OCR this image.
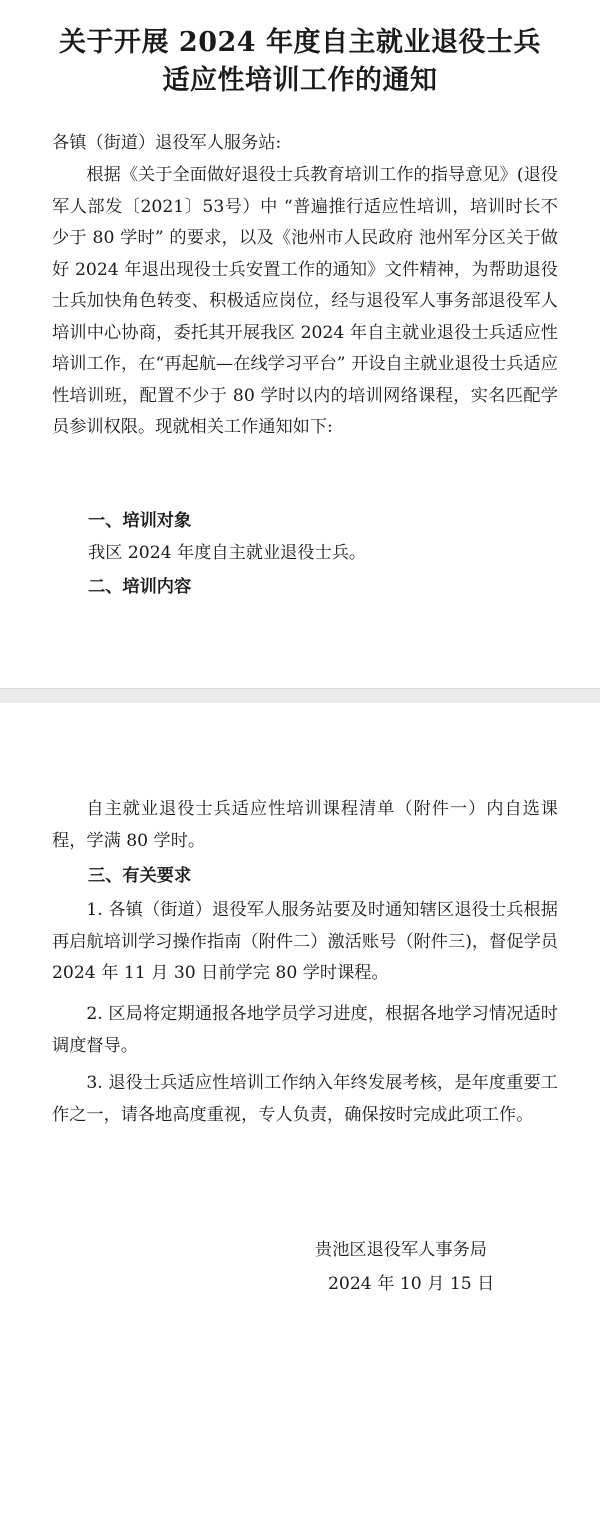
关于开展 2024 年度自主就业退役士兵
适应性培训工作的通知
各镇（街道）退役军人服务站:
根据《关于全面做好退役士兵教育培训工作的指导意见》(退役军人部发〔2021〕53号）中 “普遍推行适应性培训，培训时长不少于 80 学时” 的要求，以及《池州市人民政府 池州军分区关于做好 2024 年退出现役士兵安置工作的通知》文件精神，为帮助退役士兵加快角色转变、积极适应岗位，经与退役军人事务部退役军人培训中心协商，委托其开展我区 2024 年自主就业退役士兵适应性培训工作，在“再起航—在线学习平台” 开设自主就业退役士兵适应性培训班，配置不少于 80 学时以内的培训网络课程，实名匹配学员参训权限。现就相关工作通知如下:
一、培训对象
我区 2024 年度自主就业退役士兵。
二、培训内容
自主就业退役士兵适应性培训课程清单（附件一）内自选课程，学满 80 学时。
三、有关要求
1. 各镇（街道）退役军人服务站要及时通知辖区退役士兵根据再启航培训学习操作指南（附件二）激活账号（附件三)，督促学员 2024 年 11 月 30 日前学完 80 学时课程。
2. 区局将定期通报各地学员学习进度，根据各地学习情况适时调度督导。
3. 退役士兵适应性培训工作纳入年终发展考核，是年度重要工作之一，请各地高度重视，专人负责，确保按时完成此项工作。
贵池区退役军人事务局
2024 年 10 月 15 日
